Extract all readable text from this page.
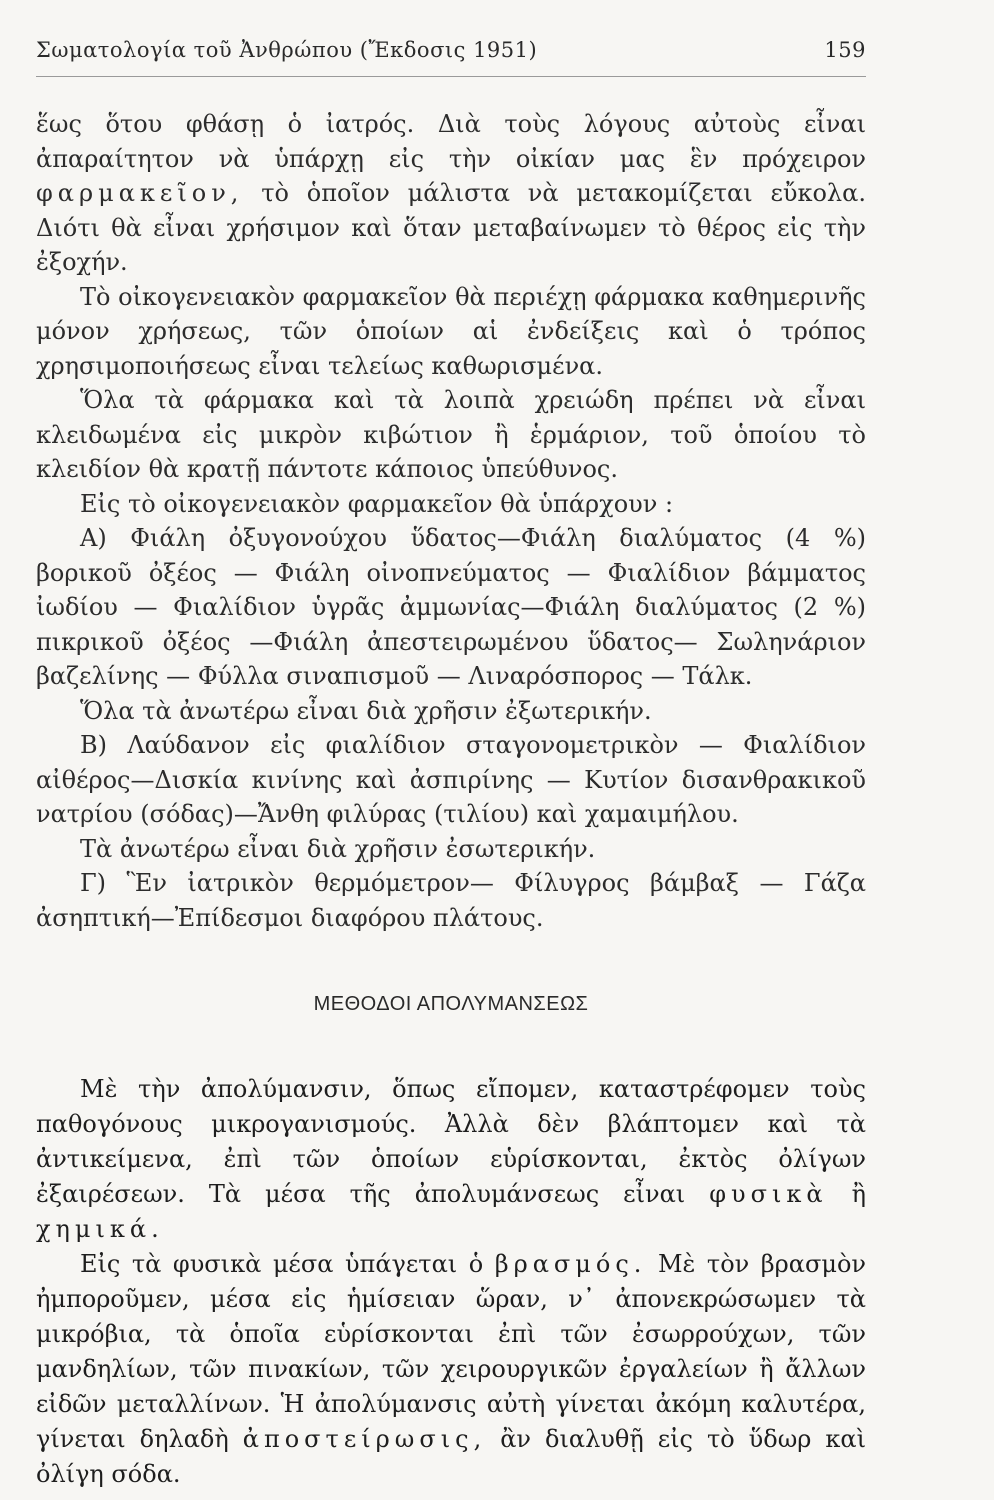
Σωματολογία τοῦ Ἀνθρώπου (Ἔκδοσις 1951)	159

ἕως ὅτου φθάσῃ ὁ ἰατρός. Διὰ τοὺς λόγους αὐτοὺς εἶναι ἀπαραίτητον νὰ ὑπάρχῃ εἰς τὴν οἰκίαν μας ἓν πρόχειρον φαρμακεῖον, τὸ ὁποῖον μάλιστα νὰ μετακομίζεται εὔκολα. Διότι θὰ εἶναι χρήσιμον καὶ ὅταν μεταβαίνωμεν τὸ θέρος εἰς τὴν ἐξοχήν.

Τὸ οἰκογενειακὸν φαρμακεῖον θὰ περιέχῃ φάρμακα καθημερινῆς μόνον χρήσεως, τῶν ὁποίων αἱ ἐνδείξεις καὶ ὁ τρόπος χρησιμοποιήσεως εἶναι τελείως καθωρισμένα.

Ὅλα τὰ φάρμακα καὶ τὰ λοιπὰ χρειώδη πρέπει νὰ εἶναι κλειδωμένα εἰς μικρὸν κιβώτιον ἢ ἑρμάριον, τοῦ ὁποίου τὸ κλειδίον θὰ κρατῇ πάντοτε κάποιος ὑπεύθυνος.

Εἰς τὸ οἰκογενειακὸν φαρμακεῖον θὰ ὑπάρχουν :

Α) Φιάλη ὀξυγονούχου ὕδατος—Φιάλη διαλύματος (4 %) βορικοῦ ὀξέος — Φιάλη οἰνοπνεύματος — Φιαλίδιον βάμματος ἰωδίου — Φιαλίδιον ὑγρᾶς ἀμμωνίας—Φιάλη διαλύματος (2 %) πικρικοῦ ὀξέος —Φιάλη ἀπεστειρωμένου ὕδατος— Σωληνάριον βαζελίνης — Φύλλα σιναπισμοῦ — Λιναρόσπορος — Τάλκ.

Ὅλα τὰ ἀνωτέρω εἶναι διὰ χρῆσιν ἐξωτερικήν.

Β) Λαύδανον εἰς φιαλίδιον σταγονομετρικὸν — Φιαλίδιον αἰθέρος—Δισκία κινίνης καὶ ἀσπιρίνης — Κυτίον δισανθρακικοῦ νατρίου (σόδας)—Ἄνθη φιλύρας (τιλίου) καὶ χαμαιμήλου.

Τὰ ἀνωτέρω εἶναι διὰ χρῆσιν ἐσωτερικήν.

Γ) Ἓν ἰατρικὸν θερμόμετρον— Φίλυγρος βάμβαξ — Γάζα ἀσηπτική—Ἐπίδεσμοι διαφόρου πλάτους.

ΜΕΘΟΔΟΙ ΑΠΟΛΥΜΑΝΣΕΩΣ

Μὲ τὴν ἀπολύμανσιν, ὅπως εἴπομεν, καταστρέφομεν τοὺς παθογόνους μικρογανισμούς. Ἀλλὰ δὲν βλάπτομεν καὶ τὰ ἀντικείμενα, ἐπὶ τῶν ὁποίων εὑρίσκονται, ἐκτὸς ὀλίγων ἐξαιρέσεων. Τὰ μέσα τῆς ἀπολυμάνσεως εἶναι φυσικὰ ἢ χημικά.

Εἰς τὰ φυσικὰ μέσα ὑπάγεται ὁ βρασμός. Μὲ τὸν βρασμὸν ἠμποροῦμεν, μέσα εἰς ἡμίσειαν ὥραν, ν᾽ ἀπονεκρώσωμεν τὰ μικρόβια, τὰ ὁποῖα εὑρίσκονται ἐπὶ τῶν ἐσωρρούχων, τῶν μανδηλίων, τῶν πινακίων, τῶν χειρουργικῶν ἐργαλείων ἢ ἄλλων εἰδῶν μεταλλίνων. Ἡ ἀπολύμανσις αὐτὴ γίνεται ἀκόμη καλυτέρα, γίνεται δηλαδὴ ἀποστείρωσις, ἂν διαλυθῇ εἰς τὸ ὕδωρ καὶ ὀλίγη σόδα.
